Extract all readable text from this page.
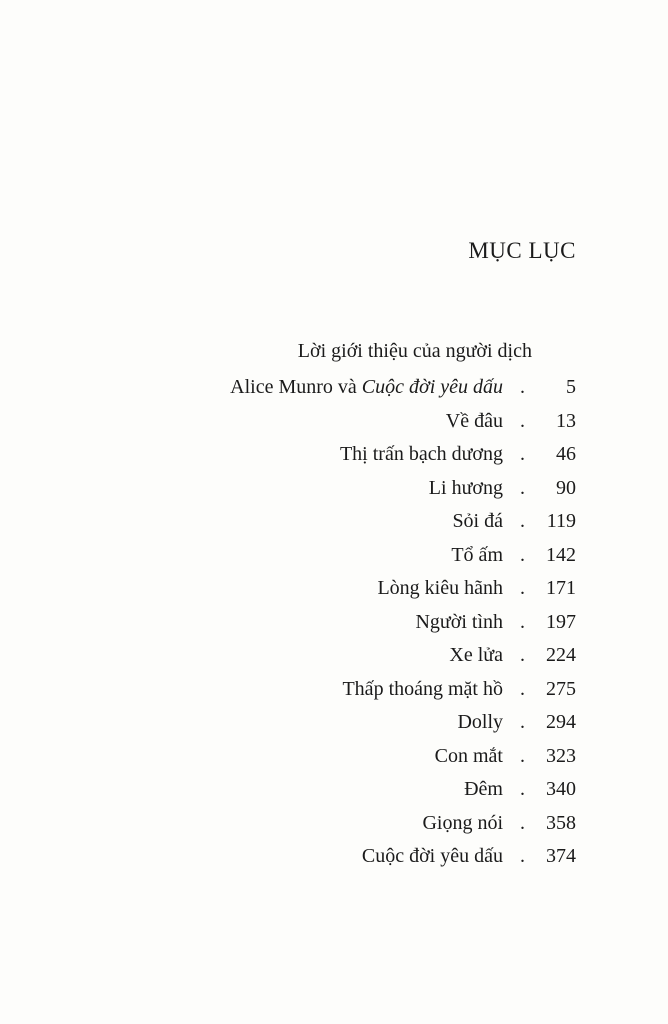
MỤC LỤC
Lời giới thiệu của người dịch
Alice Munro và Cuộc đời yêu dấu . 5
Về đâu . 13
Thị trấn bạch dương . 46
Li hương . 90
Sỏi đá . 119
Tổ ấm . 142
Lòng kiêu hãnh . 171
Người tình . 197
Xe lửa . 224
Thấp thoáng mặt hồ . 275
Dolly . 294
Con mắt . 323
Đêm . 340
Giọng nói . 358
Cuộc đời yêu dấu . 374
